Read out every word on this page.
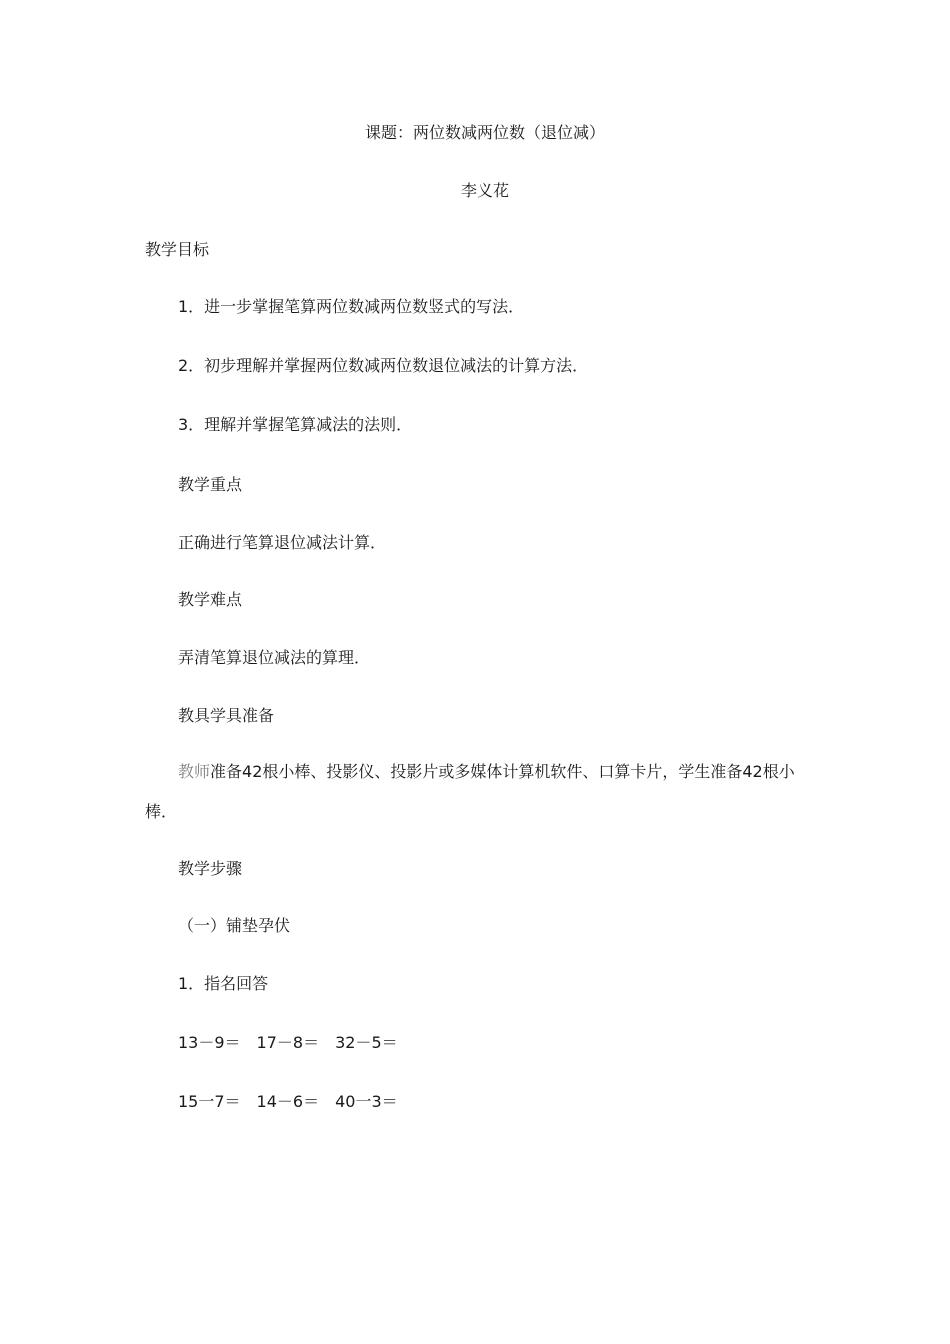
课题：两位数减两位数（退位减）
李义花
教学目标
1．进一步掌握笔算两位数减两位数竖式的写法．
2．初步理解并掌握两位数减两位数退位减法的计算方法．
3．理解并掌握笔算减法的法则．
教学重点
正确进行笔算退位减法计算．
教学难点
弄清笔算退位减法的算理．
教具学具准备
教师准备42根小棒、投影仪、投影片或多媒体计算机软件、口算卡片，学生准备42根小棒．
教学步骤
（一）铺垫孕伏
1．指名回答
13－9＝　17－8＝　32－5＝
15一7＝　14－6＝　40一3＝
